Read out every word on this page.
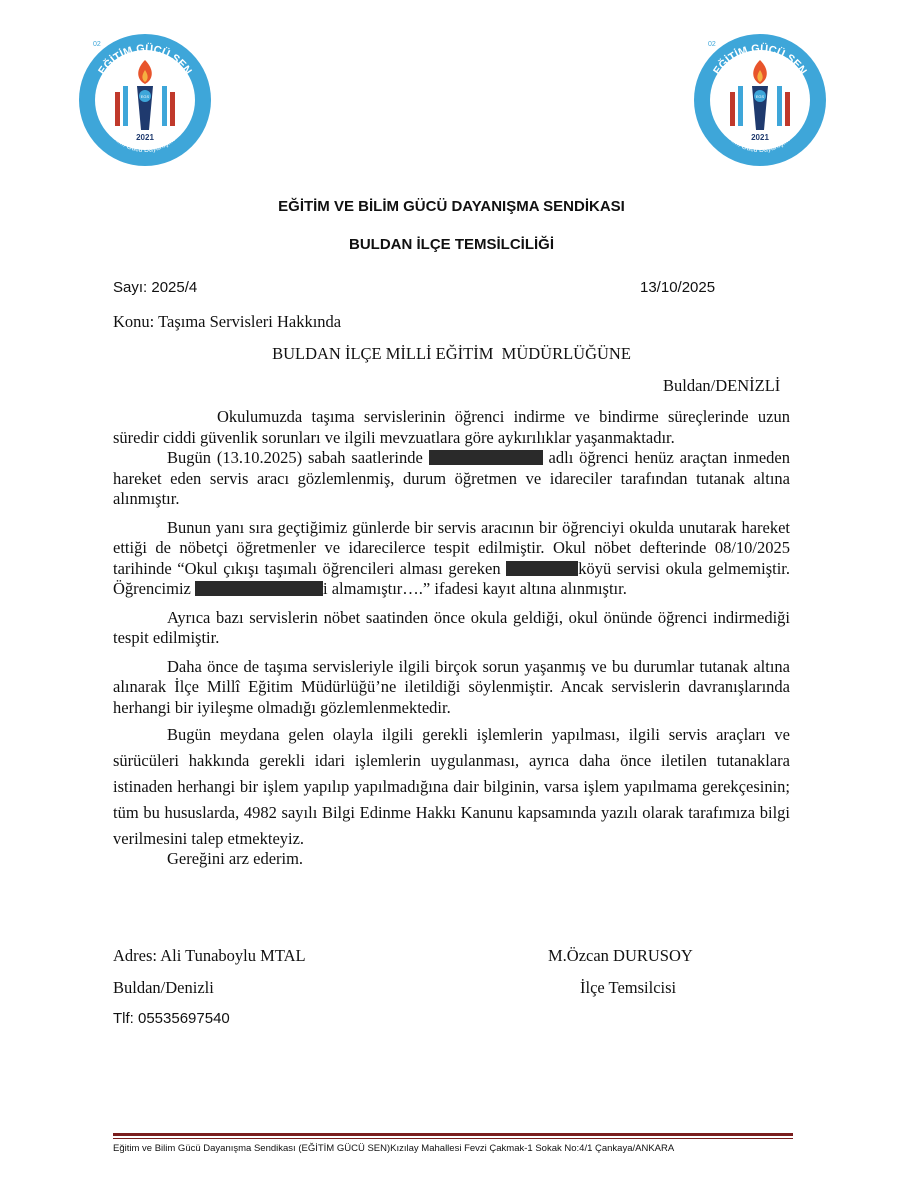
EĞİTİM GÜCÜ SEN
Eğitim ve Bilim Gücü Dayanışma Sendikası
02
EGS
2021
EĞİTİM GÜCÜ SEN
Eğitim ve Bilim Gücü Dayanışma Sendikası
02
EGS
2021
EĞİTİM VE BİLİM GÜCÜ DAYANIŞMA SENDİKASI
BULDAN İLÇE TEMSİLCİLİĞİ
Sayı: 2025/4	13/10/2025
Konu: Taşıma Servisleri Hakkında
BULDAN İLÇE MİLLİ EĞİTİM  MÜDÜRLÜĞÜNE
Buldan/DENİZLİ

Okulumuzda taşıma servislerinin öğrenci indirme ve bindirme süreçlerinde uzun süredir ciddi güvenlik sorunları ve ilgili mevzuatlara göre aykırılıklar yaşanmaktadır.

Bugün (13.10.2025) sabah saatlerinde	adlı öğrenci henüz araçtan inmeden hareket eden servis aracı gözlemlenmiş, durum öğretmen ve idareciler tarafından tutanak altına alınmıştır.

Bunun yanı sıra geçtiğimiz günlerde bir servis aracının bir öğrenciyi okulda unutarak hareket ettiği de nöbetçi öğretmenler ve idarecilerce tespit edilmiştir. Okul nöbet defterinde 08/10/2025 tarihinde “Okul çıkışı taşımalı öğrencileri alması gereken	köyü servisi okula gelmemiştir. Öğrencimiz	i almamıştır….” ifadesi kayıt altına alınmıştır.

Ayrıca bazı servislerin nöbet saatinden önce okula geldiği, okul önünde öğrenci indirmediği tespit edilmiştir.

Daha önce de taşıma servisleriyle ilgili birçok sorun yaşanmış ve bu durumlar tutanak altına alınarak İlçe Millî Eğitim Müdürlüğü’ne iletildiği söylenmiştir. Ancak servislerin davranışlarında herhangi bir iyileşme olmadığı gözlemlenmektedir.

Bugün meydana gelen olayla ilgili gerekli işlemlerin yapılması, ilgili servis araçları ve sürücüleri hakkında gerekli idari işlemlerin uygulanması, ayrıca daha önce iletilen tutanaklara istinaden herhangi bir işlem yapılıp yapılmadığına dair bilginin, varsa işlem yapılmama gerekçesinin; tüm bu hususlarda, 4982 sayılı Bilgi Edinme Hakkı Kanunu kapsamında yazılı olarak tarafımıza bilgi verilmesini talep etmekteyiz.

Gereğini arz ederim.
Adres: Ali Tunaboylu MTAL
Buldan/Denizli
Tlf: 05535697540
M.Özcan DURUSOY
İlçe Temsilcisi
Eğitim ve Bilim Gücü Dayanışma Sendikası (EĞİTİM GÜCÜ SEN)Kızılay Mahallesi Fevzi Çakmak-1 Sokak No:4/1 Çankaya/ANKARA
